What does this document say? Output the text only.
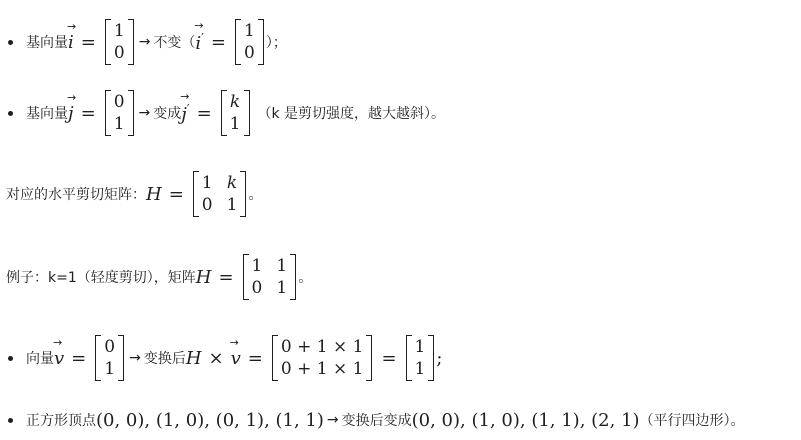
基向量
→
i =
1
0
→ 不变 （
→
i′ =
1
0 ）；
基向量
→
j =
0
1
→ 变成
→
j′ =
k
1 （k 是剪切强度，越大越斜）。
对应的水平剪切矩阵： H =
1 k
0 1 。
例子：k=1（轻度剪切），矩阵 H =
1 1
0 1 。
向量
→
v =
0
1
→ 变换后 H ×
→
v =
0 + 1 × 1
0 + 1 × 1
=
1
1
;
正方形顶点 (0, 0), (1, 0), (0, 1), (1, 1) → 变换后变成 (0, 0), (1, 0), (1, 1), (2, 1) （平行四边形）。
